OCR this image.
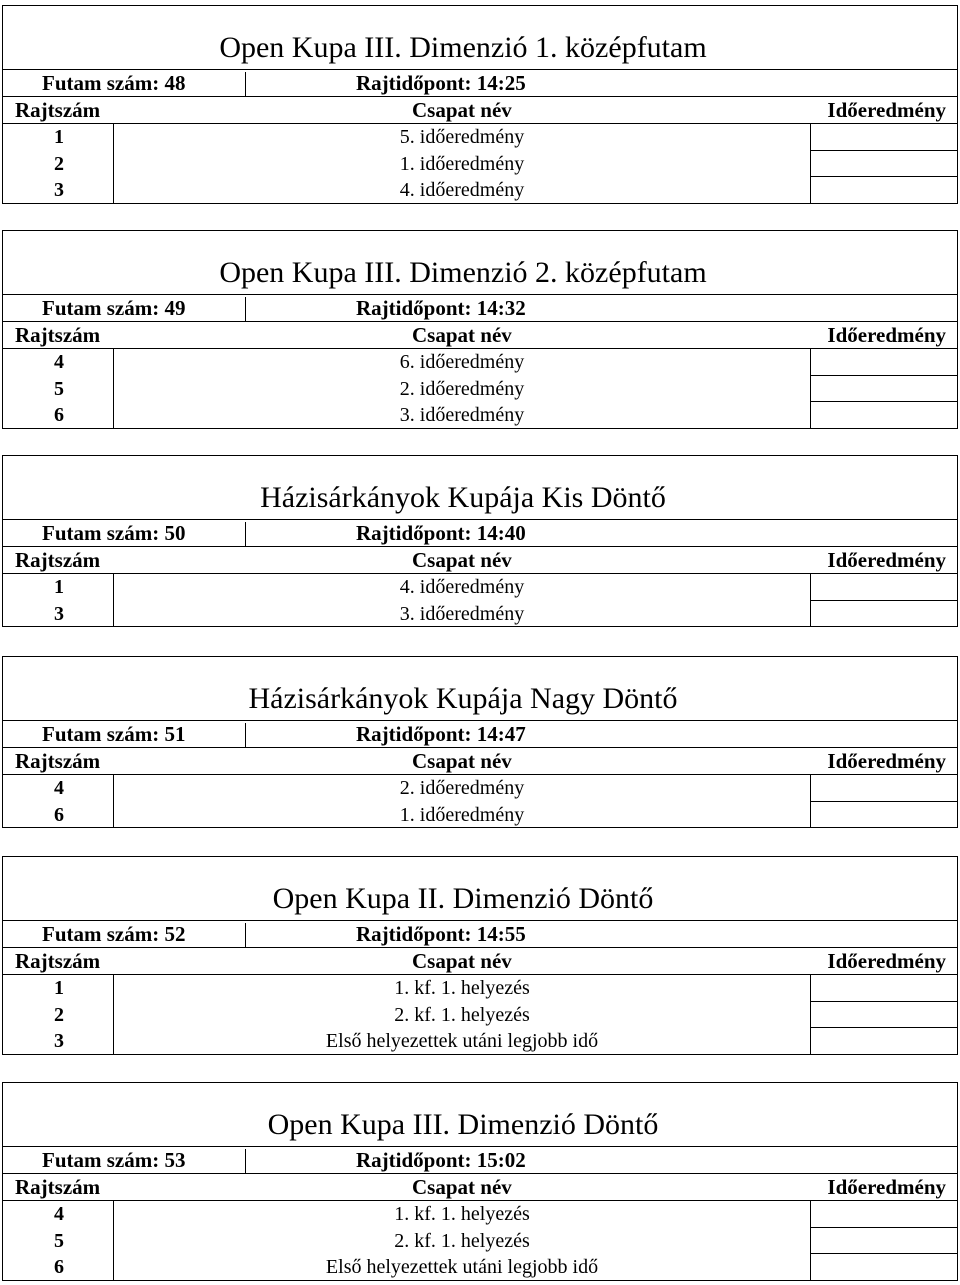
Open Kupa III. Dimenzió 1. középfutam
Futam szám: 48	Rajtidőpont: 14:25
Rajtszám	Csapat név	Időeredmény
1	5. időeredmény
2	1. időeredmény
3	4. időeredmény
Open Kupa III. Dimenzió 2. középfutam
Futam szám: 49	Rajtidőpont: 14:32
Rajtszám	Csapat név	Időeredmény
4	6. időeredmény
5	2. időeredmény
6	3. időeredmény
Házisárkányok Kupája Kis Döntő
Futam szám: 50	Rajtidőpont: 14:40
Rajtszám	Csapat név	Időeredmény
1	4. időeredmény
3	3. időeredmény
Házisárkányok Kupája Nagy Döntő
Futam szám: 51	Rajtidőpont: 14:47
Rajtszám	Csapat név	Időeredmény
4	2. időeredmény
6	1. időeredmény
Open Kupa II. Dimenzió Döntő
Futam szám: 52	Rajtidőpont: 14:55
Rajtszám	Csapat név	Időeredmény
1	1. kf. 1. helyezés
2	2. kf. 1. helyezés
3	Első helyezettek utáni legjobb idő
Open Kupa III. Dimenzió Döntő
Futam szám: 53	Rajtidőpont: 15:02
Rajtszám	Csapat név	Időeredmény
4	1. kf. 1. helyezés
5	2. kf. 1. helyezés
6	Első helyezettek utáni legjobb idő
